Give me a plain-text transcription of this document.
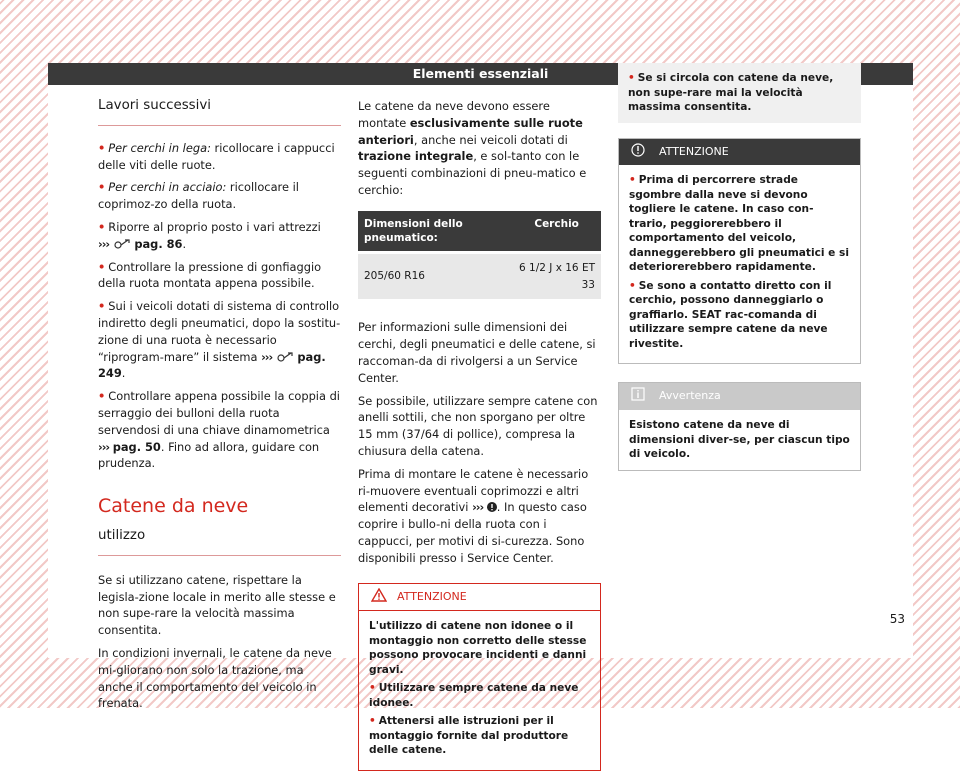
Elementi essenziali
Lavori successivi
• Per cerchi in lega: ricollocare i cappucci delle viti delle ruote.
• Per cerchi in acciaio: ricollocare il coprimoz-zo della ruota.
• Riporre al proprio posto i vari attrezzi
››› pag. 86.
• Controllare la pressione di gonfiaggio della ruota montata appena possibile.
• Sui i veicoli dotati di sistema di controllo indiretto degli pneumatici, dopo la sostitu-zione di una ruota è necessario “riprogram-mare” il sistema ››› pag. 249.
• Controllare appena possibile la coppia di serraggio dei bulloni della ruota servendosi di una chiave dinamometrica ››› pag. 50. Fino ad allora, guidare con prudenza.
Catene da neve
utilizzo

Se si utilizzano catene, rispettare la legisla-zione locale in merito alle stesse e non supe-rare la velocità massima consentita.

In condizioni invernali, le catene da neve mi-gliorano non solo la trazione, ma anche il comportamento del veicolo in frenata.

Le catene da neve devono essere montate esclusivamente sulle ruote anteriori, anche nei veicoli dotati di trazione integrale, e sol-tanto con le seguenti combinazioni di pneu-matico e cerchio:

Dimensioni dello pneumatico:	Cerchio
205/60 R16	6 1/2 J x 16 ET 33

Per informazioni sulle dimensioni dei cerchi, degli pneumatici e delle catene, si raccoman-da di rivolgersi a un Service Center.

Se possibile, utilizzare sempre catene con anelli sottili, che non sporgano per oltre 15 mm (37/64 di pollice), compresa la chiusura della catena.

Prima di montare le catene è necessario ri-muovere eventuali coprimozzi e altri elementi decorativi ››› . In questo caso coprire i bullo-ni della ruota con i cappucci, per motivi di si-curezza. Sono disponibili presso i Service Center.

ATTENZIONE

L'utilizzo di catene non idonee o il montaggio non corretto delle stesse possono provocare incidenti e danni gravi.

• Utilizzare sempre catene da neve idonee.
• Attenersi alle istruzioni per il montaggio fornite dal produttore delle catene.
• Se si circola con catene da neve, non supe-rare mai la velocità massima consentita.
ATTENZIONE
• Prima di percorrere strade sgombre dalla neve si devono togliere le catene. In caso con-trario, peggiorerebbero il comportamento del veicolo, danneggerebbero gli pneumatici e si deteriorerebbero rapidamente.
• Se sono a contatto diretto con il cerchio, possono danneggiarlo o graffiarlo. SEAT rac-comanda di utilizzare sempre catene da neve rivestite.
Avvertenza
Esistono catene da neve di dimensioni diver-se, per ciascun tipo di veicolo.
53
